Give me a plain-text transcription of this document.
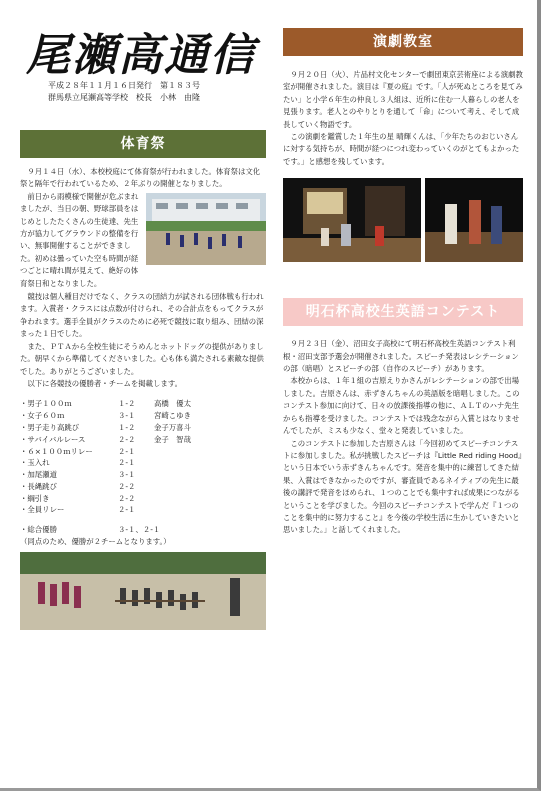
尾瀬高通信
平成２８年１１月１６日発行　第１８３号
群馬県立尾瀬高等学校　校長　小林　由隆
体育祭

９月１４日（水）、本校校庭にて体育祭が行われました。体育祭は文化祭と隔年で行われているため、２年ぶりの開催となりました。

前日から雨模様で開催が危ぶまれましたが、当日の朝、野球部員をはじめとしたたくさんの生徒達、先生方が協力してグラウンドの整備を行い、無事開催することができました。初めは曇っていた空も時間が経つごとに晴れ間が見えて、絶好の体育祭日和となりました。

競技は個人種目だけでなく、クラスの団結力が試される団体戦も行われます。入賞者・クラスには点数が付けられ、その合計点をもってクラスが争われます。選手全員がクラスのために必死で競技に取り組み、団結の深まった１日でした。

また、ＰＴＡから全校生徒にそうめんとホットドッグの提供がありました。朝早くから準備してくださいました。心も体も満たされる素敵な提供でした。ありがとうございました。

以下に各競技の優勝者・チームを掲載します。

・男子１００ｍ	１-２	高橋　優太
・女子６０ｍ	３-１	宮崎こゆき
・男子走り高跳び	１-２	金子万喜斗
・サバイバルレース	２-２	金子　智哉
・６×１００ｍリレー	２-１
・玉入れ	２-１
・加尾瀬道	３-１
・長縄跳び	２-２
・綱引き	２-２
・全員リレー	２-１
・総合優勝	３-１、２-１
（同点のため、優勝が２チームとなります。）
演劇教室

９月２０日（火）、片品村文化センターで劇団東京芸術座による演劇教室が開催されました。演目は『夏の庭』です。「人が死ぬところを見てみたい」と小学６年生の仲良し３人組は、近所に住む一人暮らしの老人を見張ります。老人とのやりとりを通して「命」について考え、そして成長していく物語です。

この演劇を鑑賞した１年生の星 晴輝くんは、「少年たちのおじいさんに対する気持ちが、時間が経つにつれ変わっていくのがとてもよかったです。」と感想を残しています。

明石杯高校生英語コンテスト

９月２３日（金）、沼田女子高校にて明石杯高校生英語コンテスト利根・沼田支部予選会が開催されました。スピーチ発表はレシテーションの部（暗唱）とスピーチの部（自作のスピーチ）があります。

本校からは、１年１組の吉原えりかさんがレシテーションの部で出場しました。吉原さんは、赤ずきんちゃんの英語版を暗唱しました。このコンテスト参加に向けて、日々の放課後指導の他に、ＡＬＴのハナ先生からも指導を受けました。コンテストでは残念ながら入賞とはなりませんでしたが、ミスも少なく、堂々と発表していました。

このコンテストに参加した吉原さんは「今回初めてスピーチコンテストに参加しました。私が挑戦したスピーチは『Little Red riding Hood』という日本でいう赤ずきんちゃんです。発音を集中的に練習してきた結果、入賞はできなかったのですが、審査員であるネイティブの先生に最後の講評で発音をほめられ、１つのことでも集中すれば成果につながるということを学びました。今回のスピーチコンテストで学んだ『１つのことを集中的に努力すること』を今後の学校生活に生かしていきたいと思いました。」と話してくれました。
